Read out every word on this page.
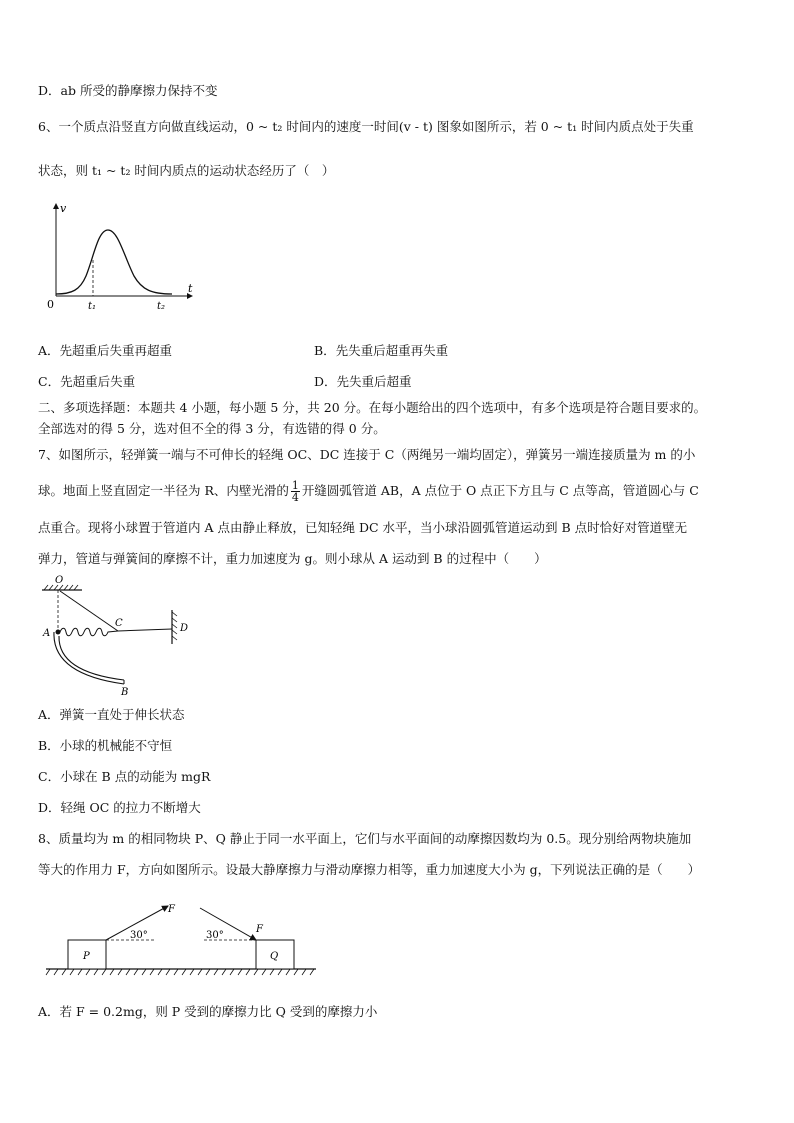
D．ab 所受的静摩擦力保持不变
6、一个质点沿竖直方向做直线运动，0 ~ t₂ 时间内的速度一时间(v - t) 图象如图所示，若 0 ~ t₁ 时间内质点处于失重
状态，则 t₁ ~ t₂ 时间内质点的运动状态经历了（　）
v
t
0	t₁	t₂
A．先超重后失重再超重	B．先失重后超重再失重
C．先超重后失重	D．先失重后超重
二、多项选择题：本题共 4 小题，每小题 5 分，共 20 分。在每小题给出的四个选项中，有多个选项是符合题目要求的。
全部选对的得 5 分，选对但不全的得 3 分，有选错的得 0 分。
7、如图所示，轻弹簧一端与不可伸长的轻绳 OC、DC 连接于 C（两绳另一端均固定），弹簧另一端连接质量为 m 的小
球。地面上竖直固定一半径为 R、内壁光滑的 $\frac{1}{4}$ 开缝圆弧管道 AB，A 点位于 O 点正下方且与 C 点等高，管道圆心与 C
点重合。现将小球置于管道内 A 点由静止释放，已知轻绳 DC 水平，当小球沿圆弧管道运动到 B 点时恰好对管道壁无
弹力，管道与弹簧间的摩擦不计，重力加速度为 g。则小球从 A 运动到 B 的过程中（　　）
O
A
C	D
B
A．弹簧一直处于伸长状态
B．小球的机械能不守恒
C．小球在 B 点的动能为 mgR
D．轻绳 OC 的拉力不断增大
8、质量均为 m 的相同物块 P、Q 静止于同一水平面上，它们与水平面间的动摩擦因数均为 0.5。现分别给两物块施加
等大的作用力 F，方向如图所示。设最大静摩擦力与滑动摩擦力相等，重力加速度大小为 g，下列说法正确的是（　　）
P	Q
F
F
30°	30°
A．若 F = 0.2mg，则 P 受到的摩擦力比 Q 受到的摩擦力小
